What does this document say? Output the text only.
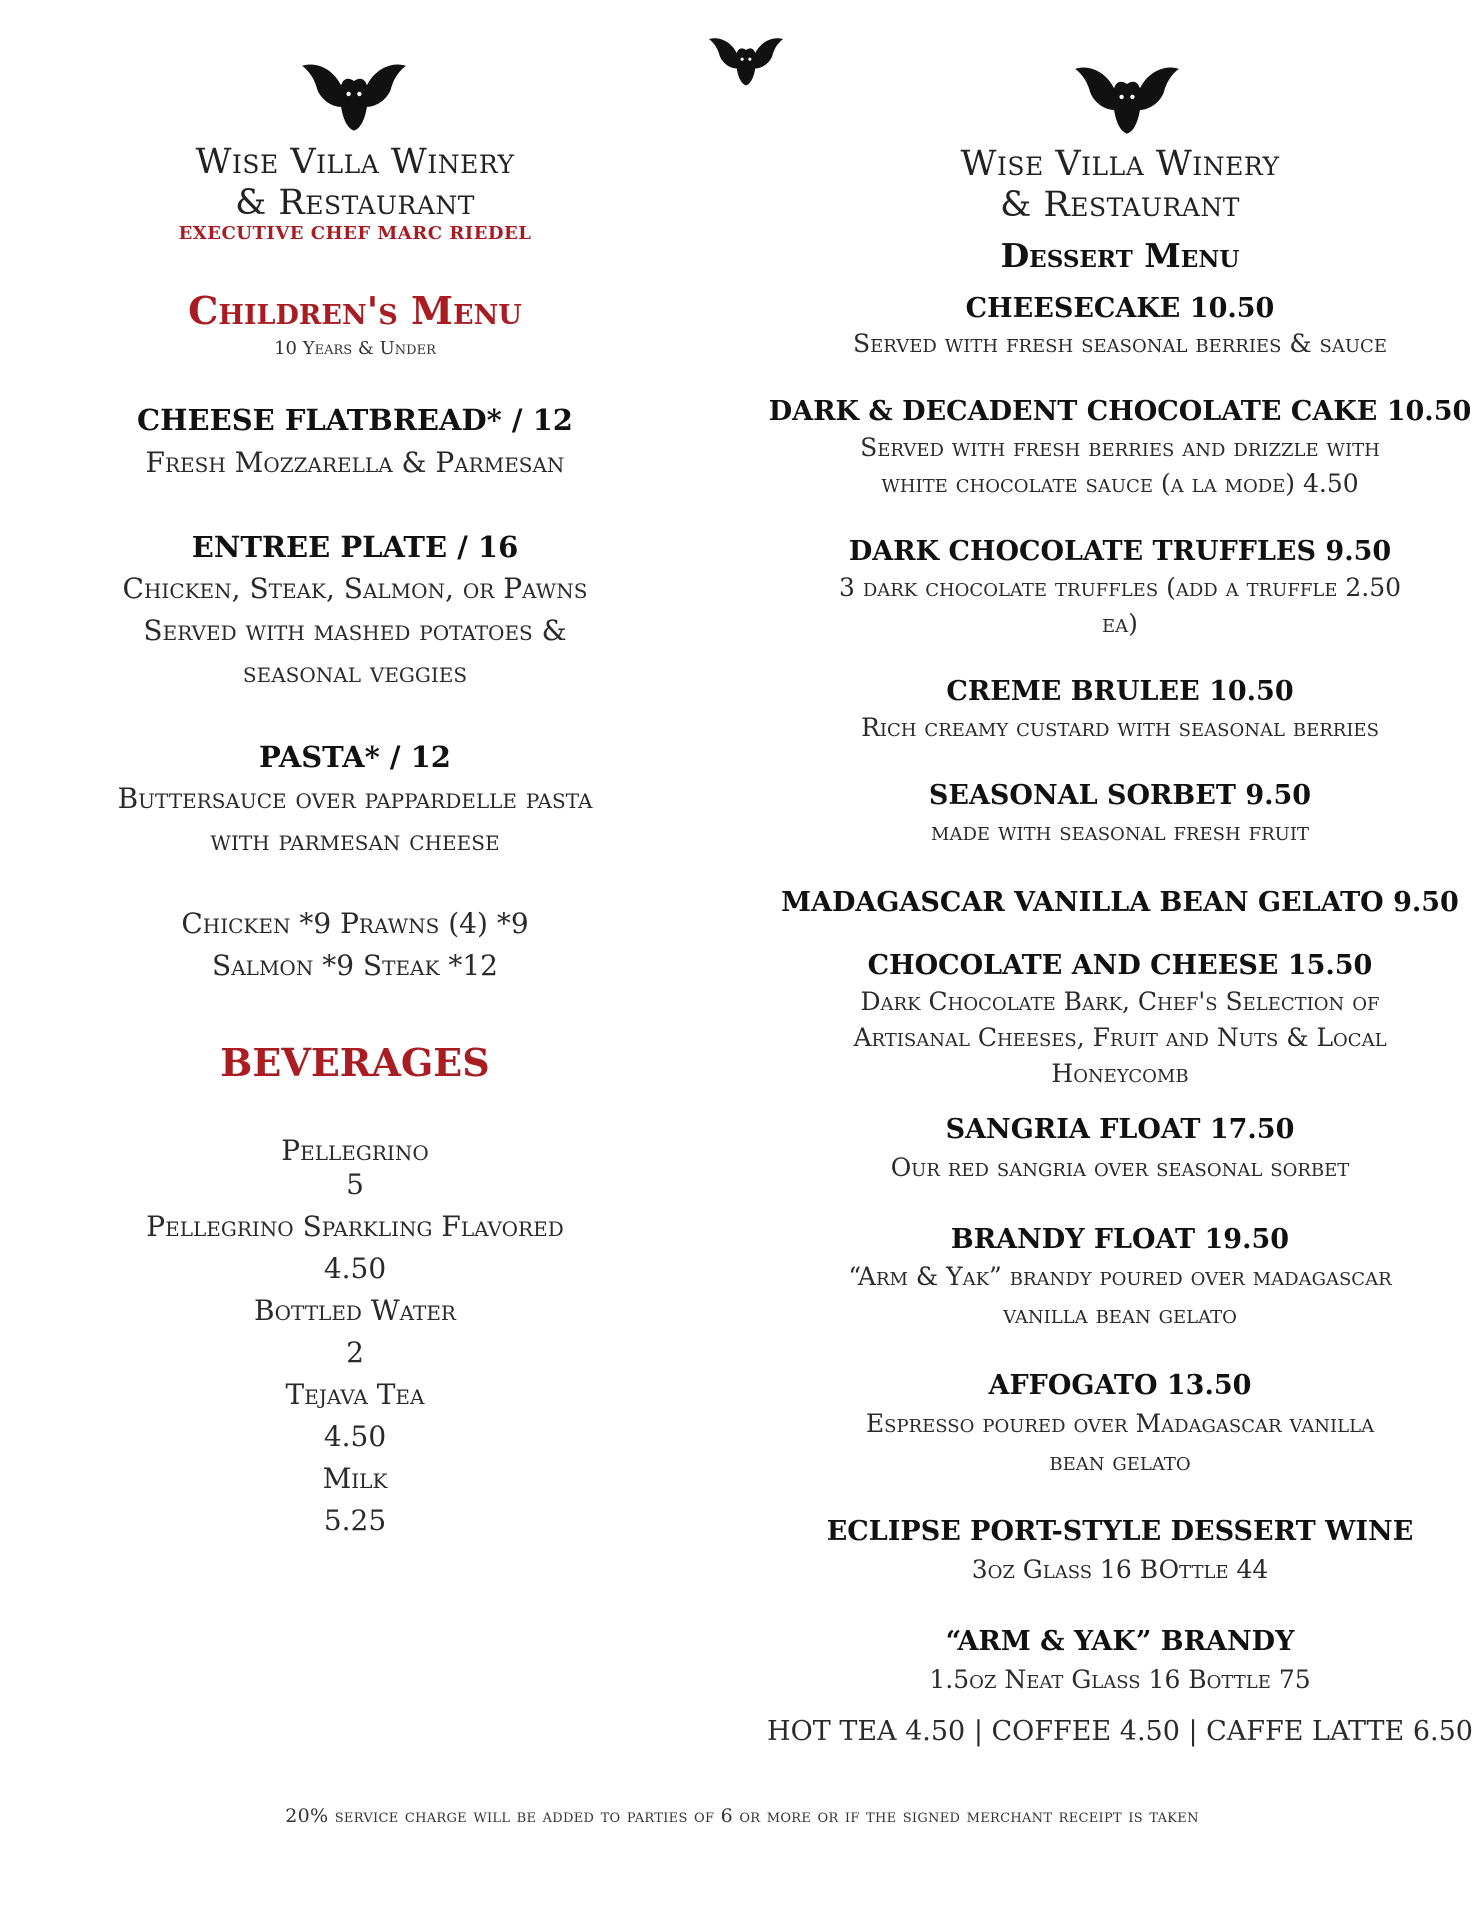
Wise Villa Winery
& Restaurant
EXECUTIVE CHEF MARC RIEDEL
Children's Menu
10 Years & Under
CHEESE FLATBREAD* / 12
Fresh Mozzarella & Parmesan
ENTREE PLATE / 16
Chicken, Steak, Salmon, or Pawns
Served with mashed potatoes &
seasonal veggies
PASTA* / 12
Buttersauce over pappardelle pasta
with parmesan cheese
Chicken *9 Prawns (4) *9
Salmon *9 Steak *12
BEVERAGES
Pellegrino
5
Pellegrino Sparkling Flavored
4.50
Bottled Water
2
Tejava Tea
4.50
Milk
5.25
Wise Villa Winery
& Restaurant
Dessert Menu
CHEESECAKE 10.50
Served with fresh seasonal berries & sauce
DARK & DECADENT CHOCOLATE CAKE 10.50
Served with fresh berries and drizzle with
white chocolate sauce (a la mode) 4.50
DARK CHOCOLATE TRUFFLES 9.50
3 dark chocolate truffles (add a truffle 2.50
ea)
CREME BRULEE 10.50
Rich creamy custard with seasonal berries
SEASONAL SORBET 9.50
made with seasonal fresh fruit
MADAGASCAR VANILLA BEAN GELATO 9.50
CHOCOLATE AND CHEESE 15.50
Dark Chocolate Bark, Chef's Selection of
Artisanal Cheeses, Fruit and Nuts & Local
Honeycomb
SANGRIA FLOAT 17.50
Our red sangria over seasonal sorbet
BRANDY FLOAT 19.50
“Arm & Yak” brandy poured over madagascar
vanilla bean gelato
AFFOGATO 13.50
Espresso poured over Madagascar vanilla
bean gelato
ECLIPSE PORT-STYLE DESSERT WINE
3oz Glass 16 BOttle 44
“ARM & YAK” BRANDY
1.5oz Neat Glass 16 Bottle 75
HOT TEA 4.50 | COFFEE 4.50 | CAFFE LATTE 6.50
20% service charge will be added to parties of 6 or more or if the signed merchant receipt is taken
